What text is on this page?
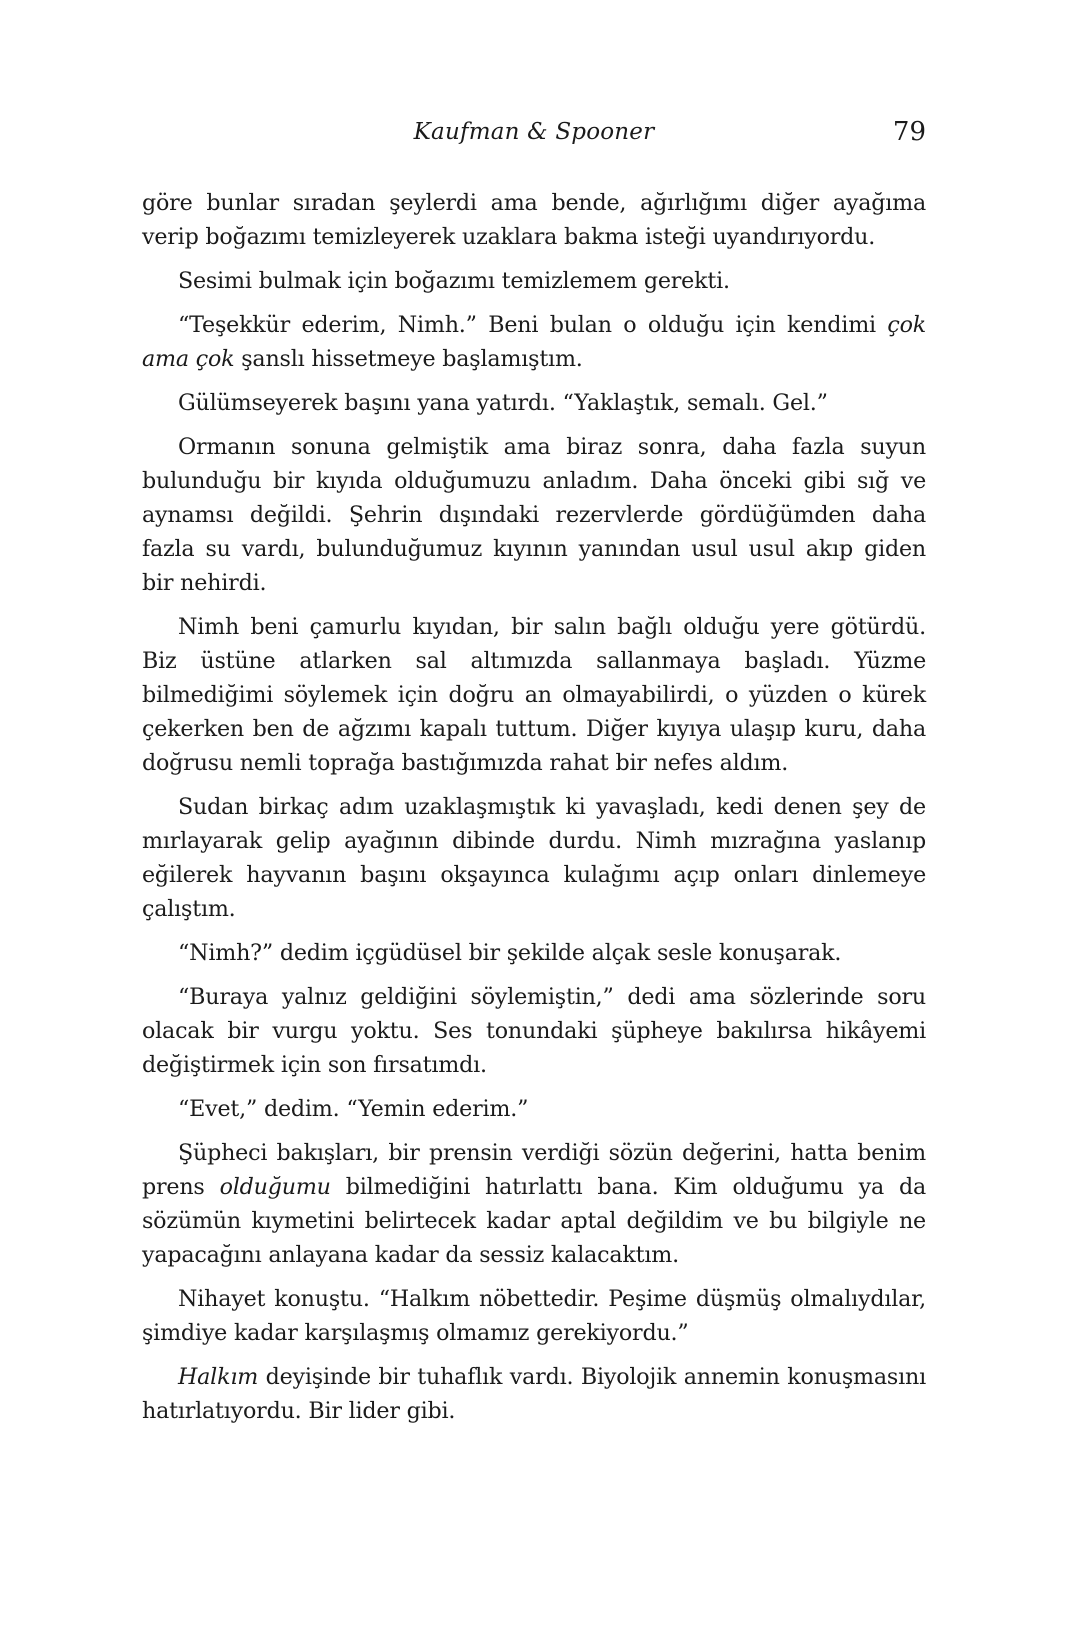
Kaufman & Spooner	79

göre bunlar sıradan şeylerdi ama bende, ağırlığımı diğer ayağıma verip boğazımı temizleyerek uzaklara bakma isteği uyandırıyordu.

Sesimi bulmak için boğazımı temizlemem gerekti.

“Teşekkür ederim, Nimh.” Beni bulan o olduğu için kendimi çok ama çok şanslı hissetmeye başlamıştım.

Gülümseyerek başını yana yatırdı. “Yaklaştık, semalı. Gel.”

Ormanın sonuna gelmiştik ama biraz sonra, daha fazla suyun bulunduğu bir kıyıda olduğumuzu anladım. Daha önceki gibi sığ ve aynamsı değildi. Şehrin dışındaki rezervlerde gördüğümden daha fazla su vardı, bulunduğumuz kıyının yanından usul usul akıp giden bir nehirdi.

Nimh beni çamurlu kıyıdan, bir salın bağlı olduğu yere götürdü. Biz üstüne atlarken sal altımızda sallanmaya başladı. Yüzme bilmediğimi söylemek için doğru an olmayabilirdi, o yüzden o kürek çekerken ben de ağzımı kapalı tuttum. Diğer kıyıya ulaşıp kuru, daha doğrusu nemli toprağa bastığımızda rahat bir nefes aldım.

Sudan birkaç adım uzaklaşmıştık ki yavaşladı, kedi denen şey de mırlayarak gelip ayağının dibinde durdu. Nimh mızrağına yaslanıp eğilerek hayvanın başını okşayınca kulağımı açıp onları dinlemeye çalıştım.

“Nimh?” dedim içgüdüsel bir şekilde alçak sesle konuşarak.

“Buraya yalnız geldiğini söylemiştin,” dedi ama sözlerinde soru olacak bir vurgu yoktu. Ses tonundaki şüpheye bakılırsa hikâyemi değiştirmek için son fırsatımdı.

“Evet,” dedim. “Yemin ederim.”

Şüpheci bakışları, bir prensin verdiği sözün değerini, hatta benim prens olduğumu bilmediğini hatırlattı bana. Kim olduğumu ya da sözümün kıymetini belirtecek kadar aptal değildim ve bu bilgiyle ne yapacağını anlayana kadar da sessiz kalacaktım.

Nihayet konuştu. “Halkım nöbettedir. Peşime düşmüş olmalıydılar, şimdiye kadar karşılaşmış olmamız gerekiyordu.”

Halkım deyişinde bir tuhaflık vardı. Biyolojik annemin konuşmasını hatırlatıyordu. Bir lider gibi.
